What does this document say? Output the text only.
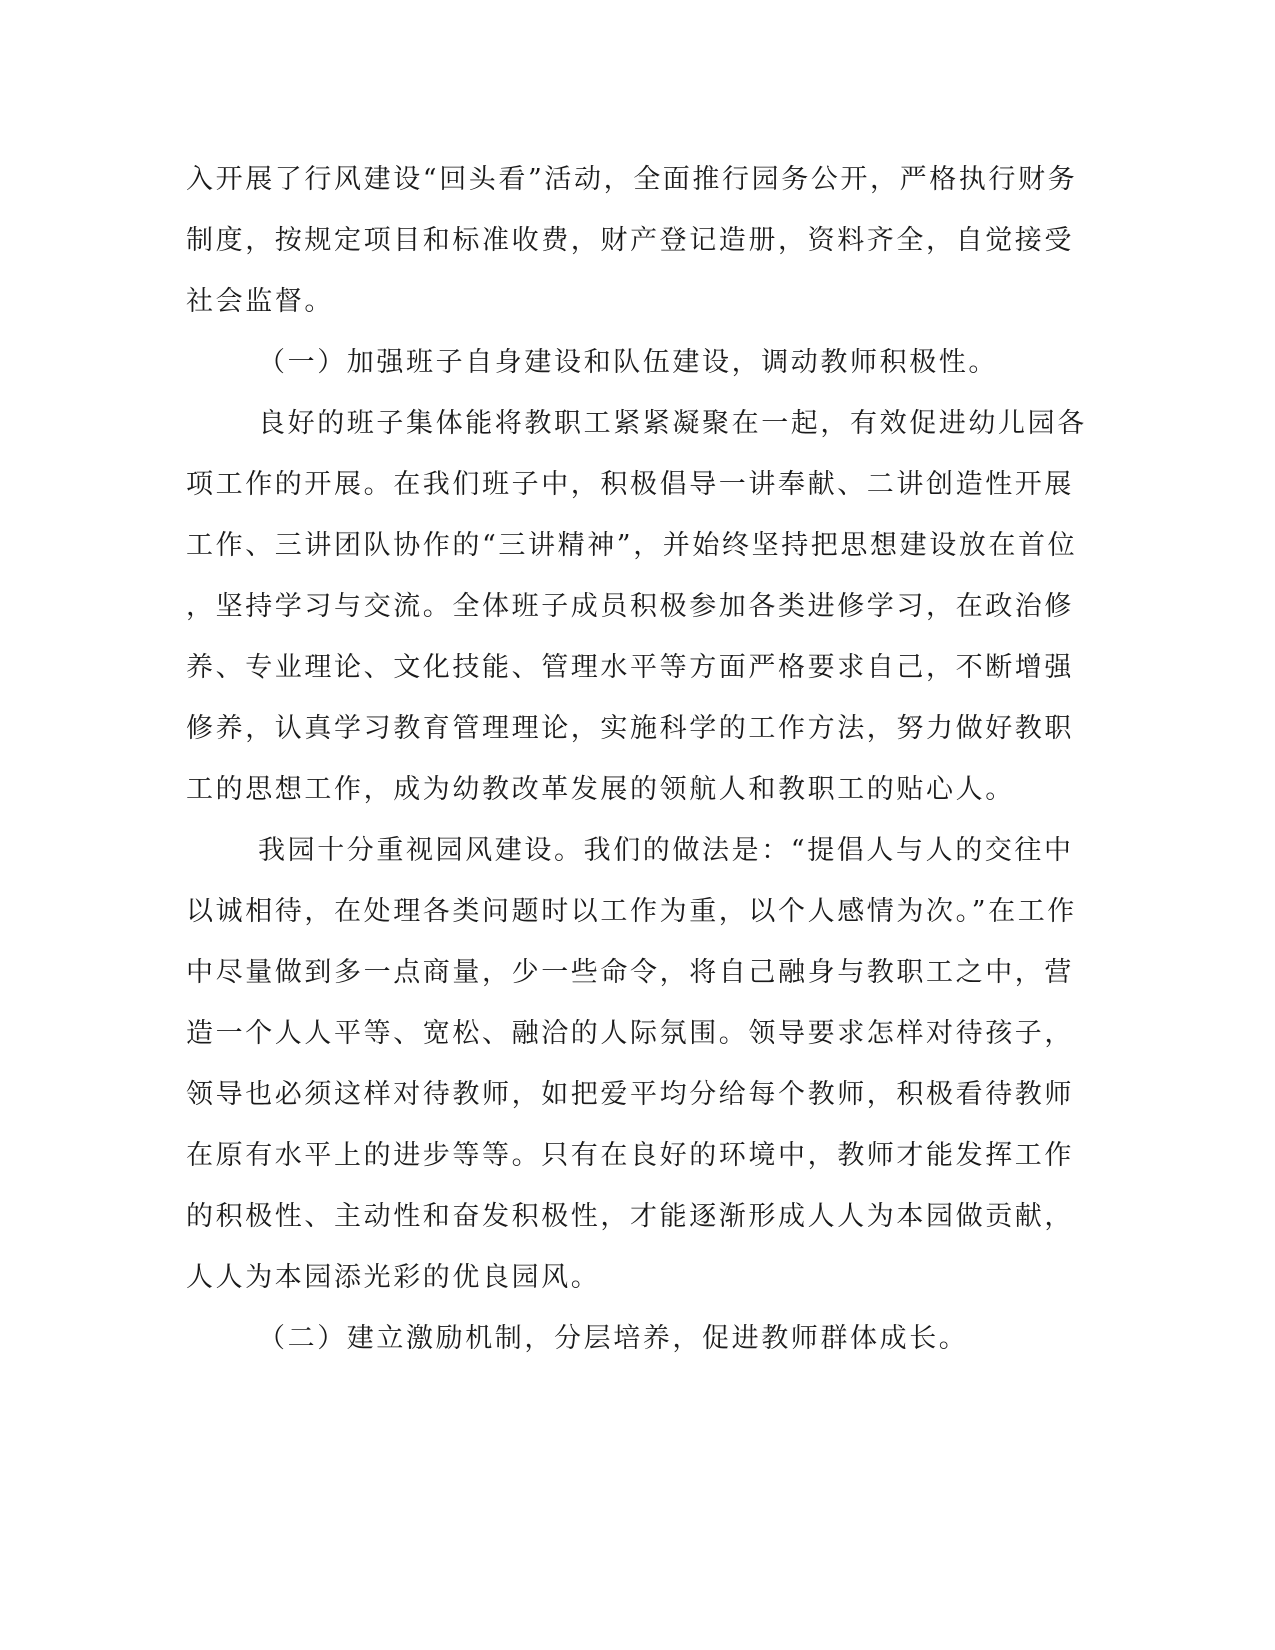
入开展了行风建设“回头看”活动，全面推行园务公开，严格执行财务
制度，按规定项目和标准收费，财产登记造册，资料齐全，自觉接受
社会监督。
（一）加强班子自身建设和队伍建设，调动教师积极性。
良好的班子集体能将教职工紧紧凝聚在一起，有效促进幼儿园各
项工作的开展。在我们班子中，积极倡导一讲奉献、二讲创造性开展
工作、三讲团队协作的“三讲精神”，并始终坚持把思想建设放在首位
，坚持学习与交流。全体班子成员积极参加各类进修学习，在政治修
养、专业理论、文化技能、管理水平等方面严格要求自己，不断增强
修养，认真学习教育管理理论，实施科学的工作方法，努力做好教职
工的思想工作，成为幼教改革发展的领航人和教职工的贴心人。
我园十分重视园风建设。我们的做法是：“提倡人与人的交往中
以诚相待，在处理各类问题时以工作为重，以个人感情为次。”在工作
中尽量做到多一点商量，少一些命令，将自己融身与教职工之中，营
造一个人人平等、宽松、融洽的人际氛围。领导要求怎样对待孩子，
领导也必须这样对待教师，如把爱平均分给每个教师，积极看待教师
在原有水平上的进步等等。只有在良好的环境中，教师才能发挥工作
的积极性、主动性和奋发积极性，才能逐渐形成人人为本园做贡献，
人人为本园添光彩的优良园风。
（二）建立激励机制，分层培养，促进教师群体成长。
